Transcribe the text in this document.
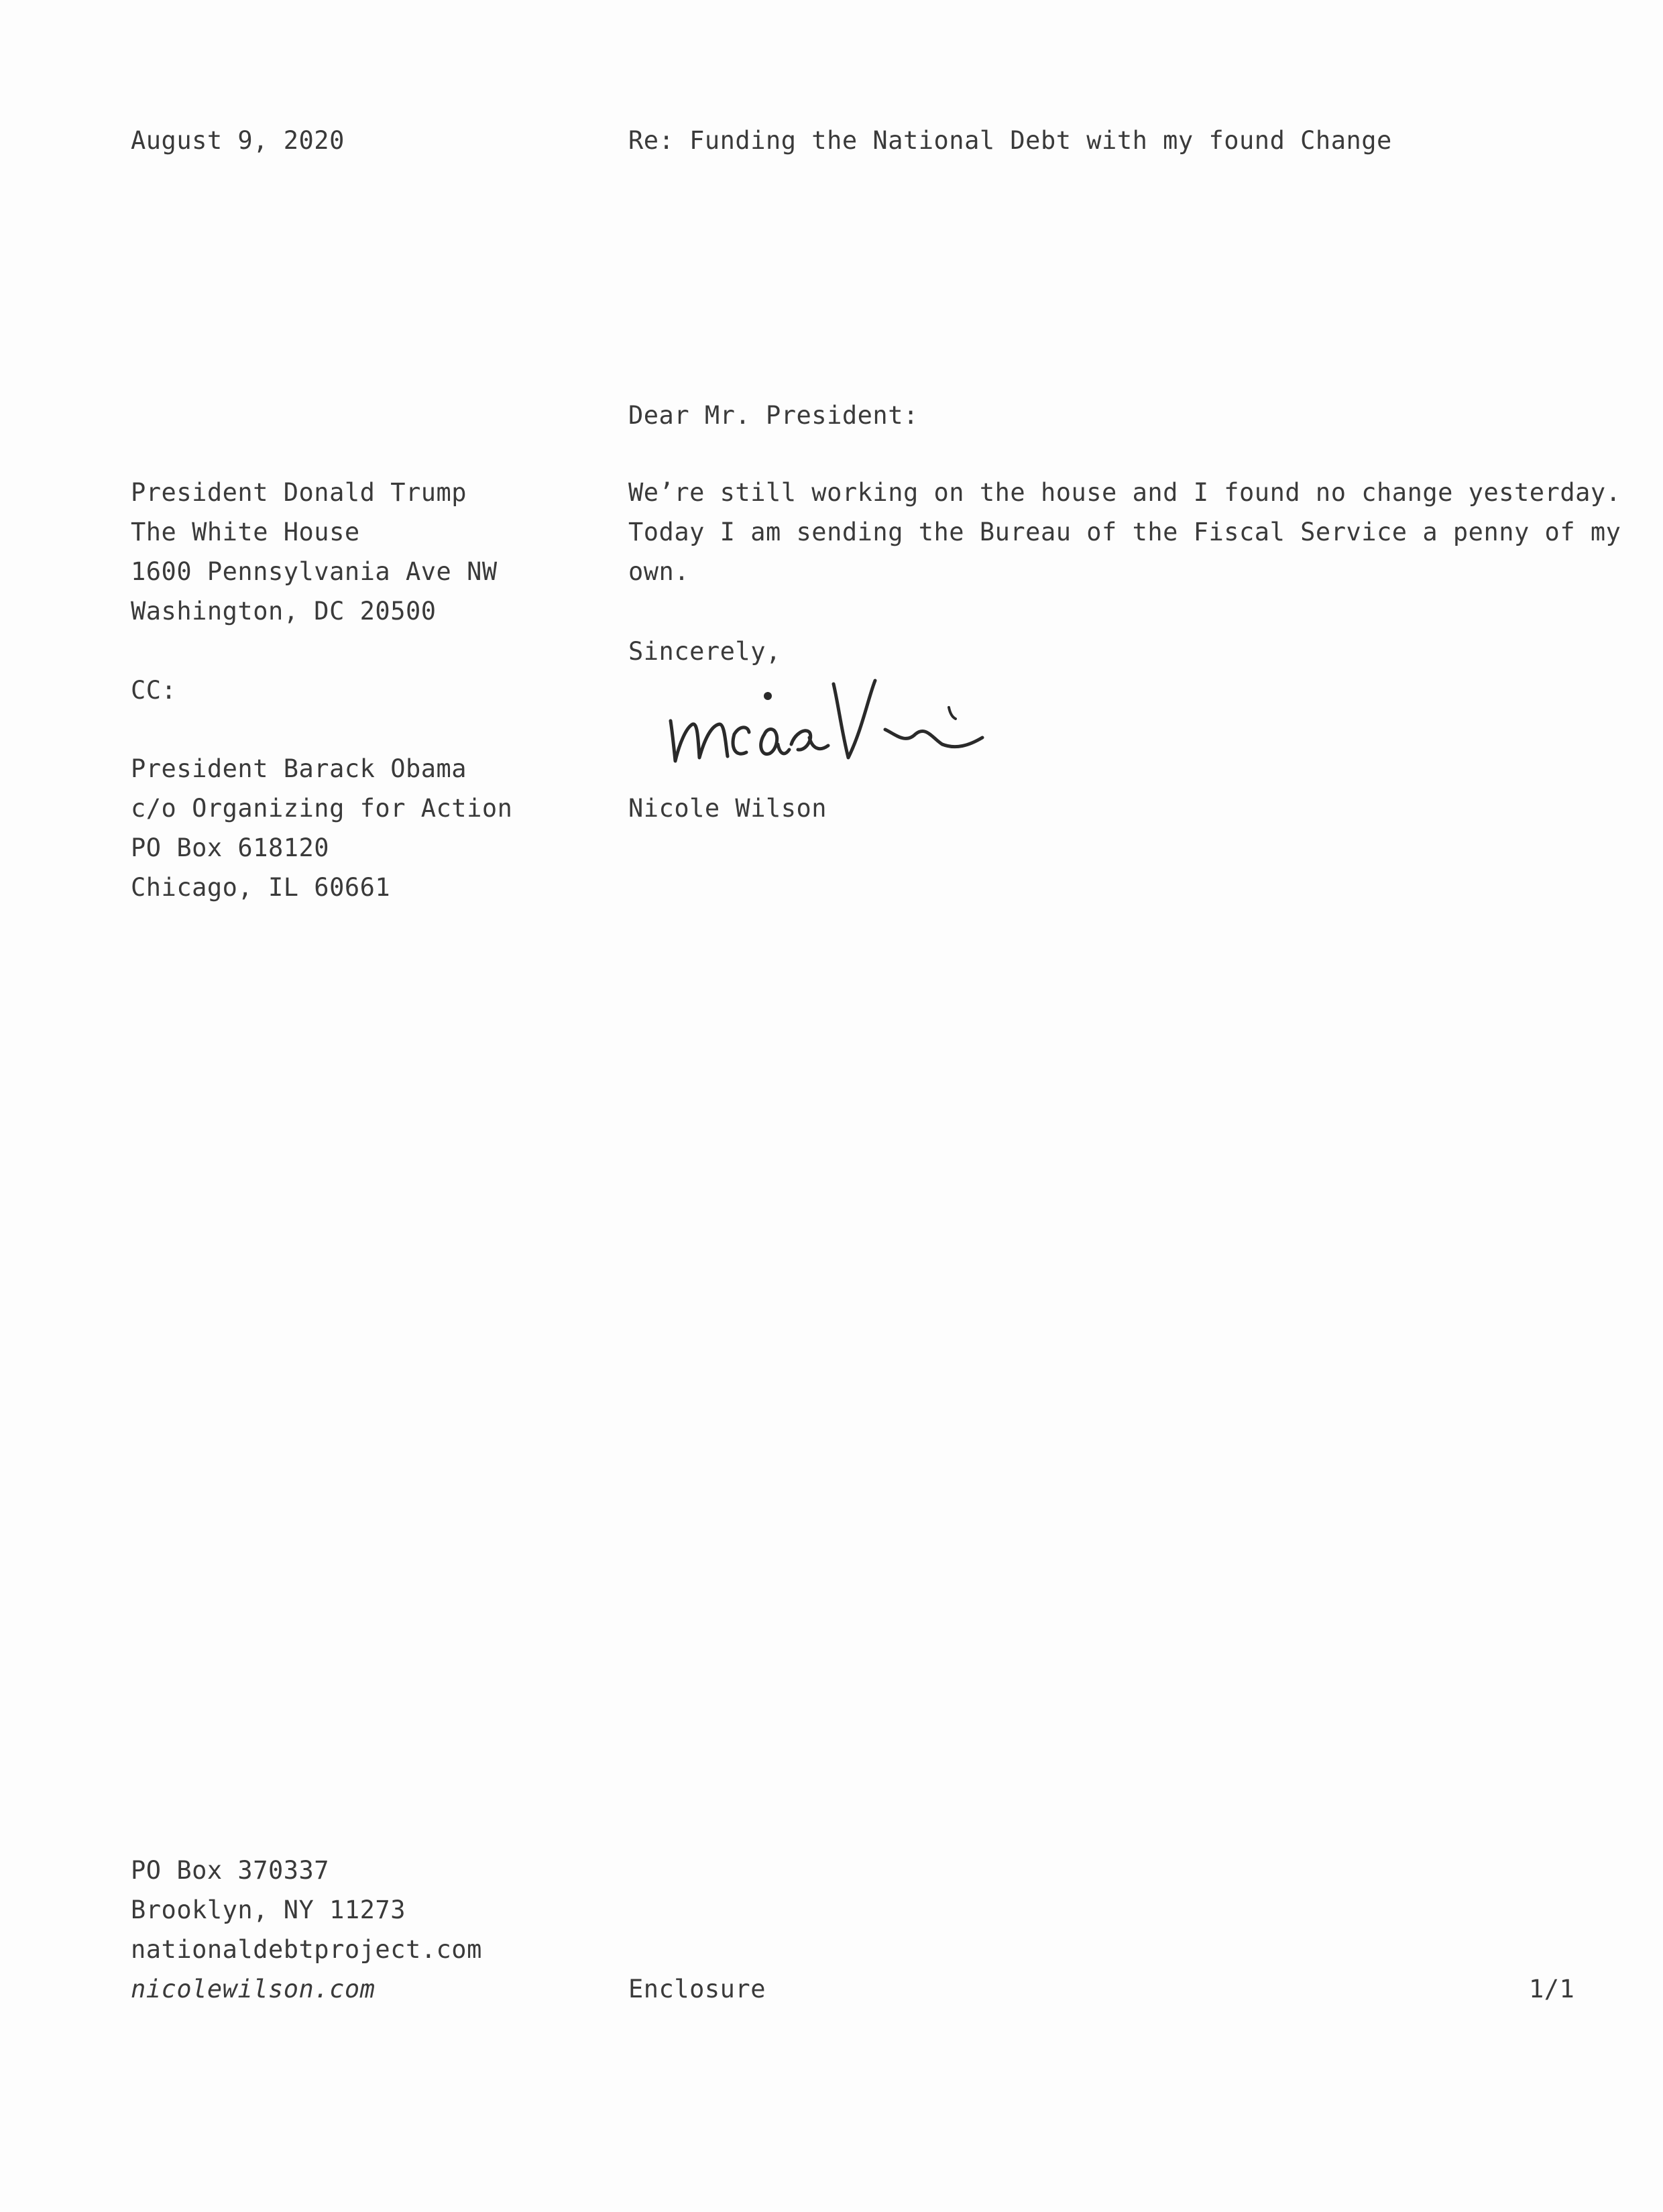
August 9, 2020	Re: Funding the National Debt with my found Change
Dear Mr. President:
President Donald Trump
The White House
1600 Pennsylvania Ave NW
Washington, DC 20500
We’re still working on the house and I found no change yesterday.
Today I am sending the Bureau of the Fiscal Service a penny of my
own.
Sincerely,
CC:
President Barack Obama
c/o Organizing for Action
PO Box 618120
Chicago, IL 60661
Nicole Wilson
PO Box 370337
Brooklyn, NY 11273
nationaldebtproject.com
nicolewilson.com	Enclosure	1/1
